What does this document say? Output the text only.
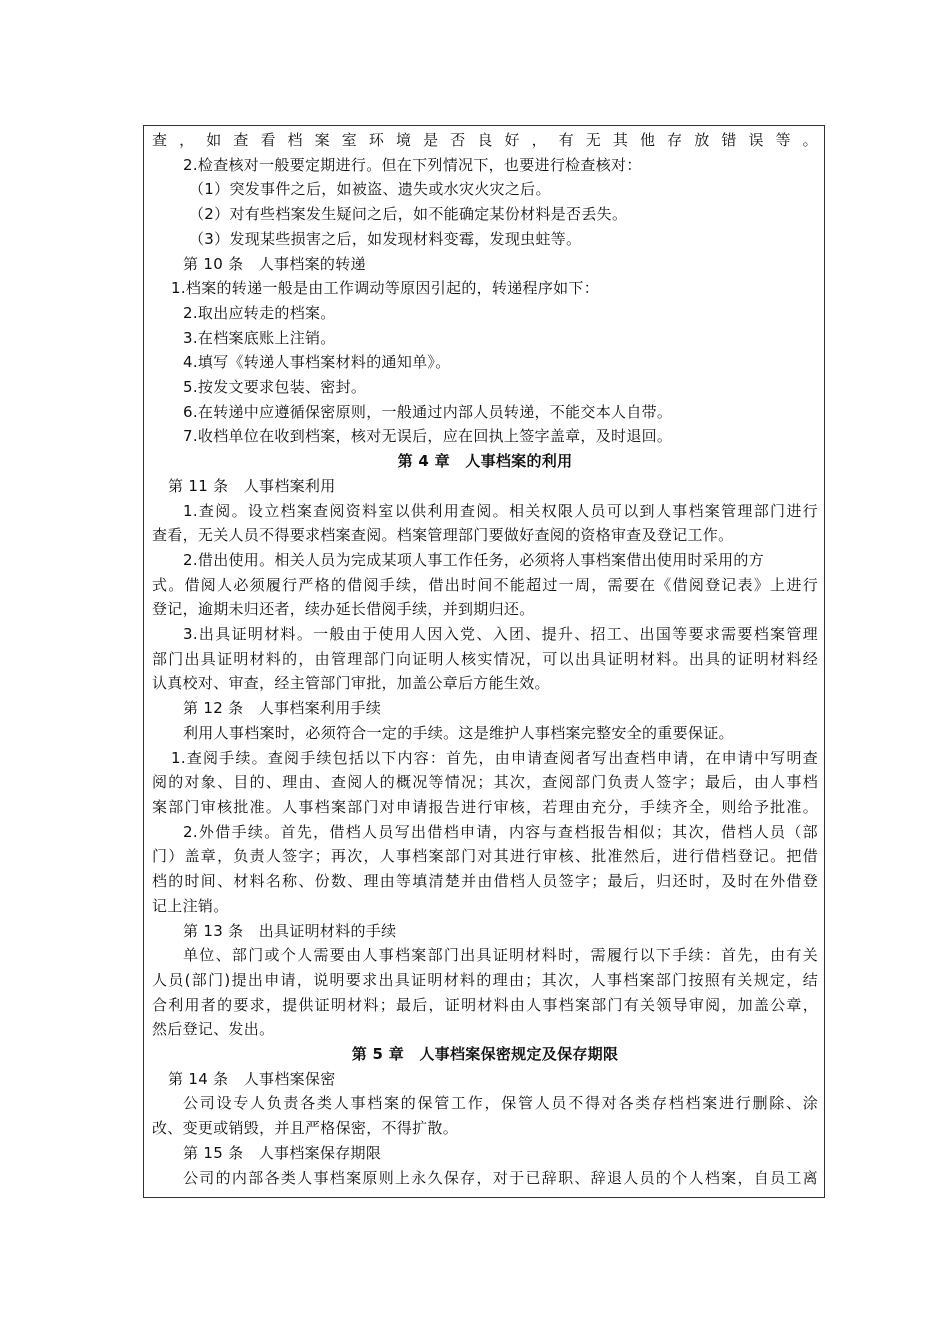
查，如查看档案室环境是否良好，有无其他存放错误等。
2.检查核对一般要定期进行。但在下列情况下，也要进行检查核对：
（1）突发事件之后，如被盗、遗失或水灾火灾之后。
（2）对有些档案发生疑问之后，如不能确定某份材料是否丢失。
（3）发现某些损害之后，如发现材料变霉，发现虫蛀等。
第 10 条　人事档案的转递
1.档案的转递一般是由工作调动等原因引起的，转递程序如下：
2.取出应转走的档案。
3.在档案底账上注销。
4.填写《转递人事档案材料的通知单》。
5.按发文要求包装、密封。
6.在转递中应遵循保密原则，一般通过内部人员转递，不能交本人自带。
7.收档单位在收到档案，核对无误后，应在回执上签字盖章，及时退回。
第 4 章　人事档案的利用
第 11 条　人事档案利用
1.查阅。设立档案查阅资料室以供利用查阅。相关权限人员可以到人事档案管理部门进行
查看，无关人员不得要求档案查阅。档案管理部门要做好查阅的资格审查及登记工作。
2.借出使用。相关人员为完成某项人事工作任务，必须将人事档案借出使用时采用的方
式。借阅人必须履行严格的借阅手续，借出时间不能超过一周，需要在《借阅登记表》上进行
登记，逾期未归还者，续办延长借阅手续，并到期归还。
3.出具证明材料。一般由于使用人因入党、入团、提升、招工、出国等要求需要档案管理
部门出具证明材料的，由管理部门向证明人核实情况，可以出具证明材料。出具的证明材料经
认真校对、审查，经主管部门审批，加盖公章后方能生效。
第 12 条　人事档案利用手续
利用人事档案时，必须符合一定的手续。这是维护人事档案完整安全的重要保证。
1.查阅手续。查阅手续包括以下内容：首先，由申请查阅者写出查档申请，在申请中写明查
阅的对象、目的、理由、查阅人的概况等情况；其次，查阅部门负责人签字；最后，由人事档
案部门审核批准。人事档案部门对申请报告进行审核，若理由充分，手续齐全，则给予批准。
2.外借手续。首先，借档人员写出借档申请，内容与查档报告相似；其次，借档人员（部
门）盖章，负责人签字；再次，人事档案部门对其进行审核、批准然后，进行借档登记。把借
档的时间、材料名称、份数、理由等填清楚并由借档人员签字；最后，归还时，及时在外借登
记上注销。
第 13 条　出具证明材料的手续
单位、部门或个人需要由人事档案部门出具证明材料时，需履行以下手续：首先，由有关
人员(部门)提出申请，说明要求出具证明材料的理由；其次，人事档案部门按照有关规定，结
合利用者的要求，提供证明材料；最后，证明材料由人事档案部门有关领导审阅，加盖公章，
然后登记、发出。
第 5 章　人事档案保密规定及保存期限
第 14 条　人事档案保密
公司设专人负责各类人事档案的保管工作，保管人员不得对各类存档档案进行删除、涂
改、变更或销毁，并且严格保密，不得扩散。
第 15 条　人事档案保存期限
公司的内部各类人事档案原则上永久保存，对于已辞职、辞退人员的个人档案，自员工离
